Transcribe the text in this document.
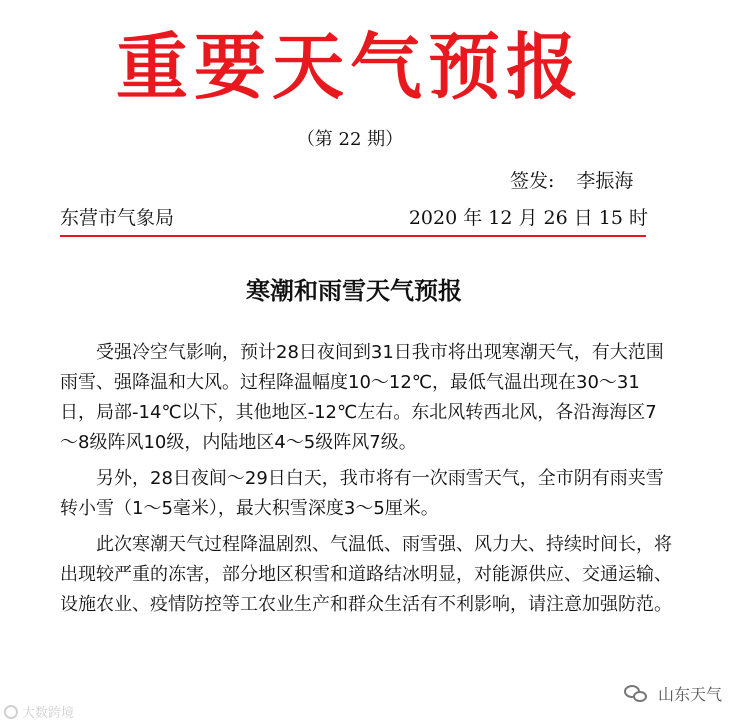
重要天气预报
（第 22 期）
签发: 李振海
东营市气象局	2020 年 12 月 26 日 15 时
寒潮和雨雪天气预报

受强冷空气影响，预计28日夜间到31日我市将出现寒潮天气，有大范围雨雪、强降温和大风。过程降温幅度10～12℃，最低气温出现在30～31日，局部-14℃以下，其他地区-12℃左右。东北风转西北风，各沿海海区7～8级阵风10级，内陆地区4～5级阵风7级。

另外，28日夜间～29日白天，我市将有一次雨雪天气，全市阴有雨夹雪转小雪（1～5毫米），最大积雪深度3～5厘米。

此次寒潮天气过程降温剧烈、气温低、雨雪强、风力大、持续时间长，将出现较严重的冻害，部分地区积雪和道路结冰明显，对能源供应、交通运输、设施农业、疫情防控等工农业生产和群众生活有不利影响，请注意加强防范。

大数跨境
山东天气
